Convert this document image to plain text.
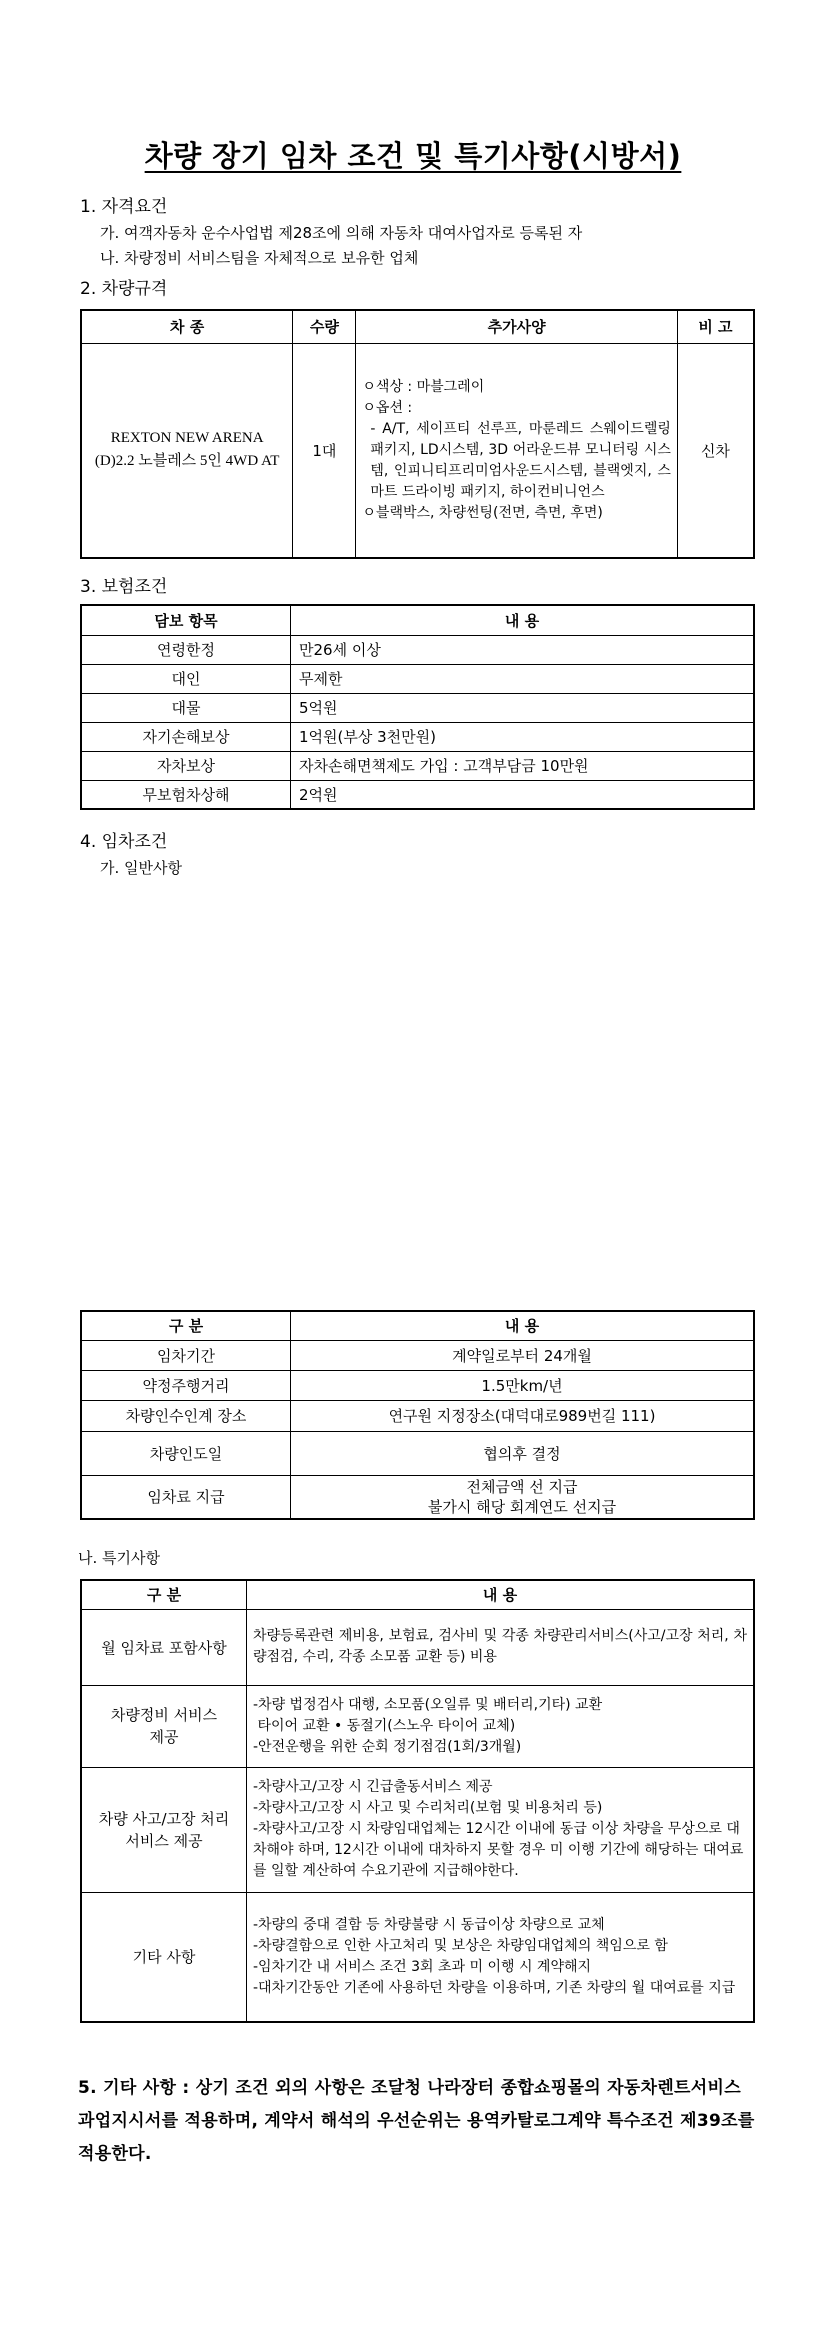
차량 장기 임차 조건 및 특기사항(시방서)
1. 자격요건
가. 여객자동차 운수사업법 제28조에 의해 자동차 대여사업자로 등록된 자
나. 차량정비 서비스팀을 자체적으로 보유한 업체
2. 차량규격
차 종	수량	추가사양	비 고
REXTON NEW ARENA (D)2.2 노블레스 5인 4WD AT	1대	ㅇ색상 : 마블그레이
ㅇ옵션 :
- A/T, 세이프티 선루프, 마룬레드 스웨이드렐링패키지, LD시스템, 3D 어라운드뷰 모니터링 시스템, 인피니티프리미엄사운드시스템, 블랙엣지, 스마트 드라이빙 패키지, 하이컨비니언스
ㅇ블랙박스, 차량썬팅(전면, 측면, 후면)	신차
3. 보험조건
담보 항목	내 용
연령한정	만26세 이상
대인	무제한
대물	5억원
자기손해보상	1억원(부상 3천만원)
자차보상	자차손해면책제도 가입 : 고객부담금 10만원
무보험차상해	2억원
4. 임차조건
가. 일반사항
구 분	내 용
임차기간	계약일로부터 24개월
약정주행거리	1.5만km/년
차량인수인계 장소	연구원 지정장소(대덕대로989번길 111)
차량인도일	협의후 결정
임차료 지급	전체금액 선 지급
불가시 해당 회계연도 선지급
나. 특기사항
구 분	내 용
월 임차료 포함사항	차량등록관련 제비용, 보험료, 검사비 및 각종 차량관리서비스(사고/고장 처리, 차량점검, 수리, 각종 소모품 교환 등) 비용

차량정비 서비스 제공	-차량 법정검사 대행, 소모품(오일류 및 배터리,기타) 교환
타이어 교환 • 동절기(스노우 타이어 교체)
-안전운행을 위한 순회 정기점검(1회/3개월)

차량 사고/고장 처리 서비스 제공	-차량사고/고장 시 긴급출동서비스 제공
-차량사고/고장 시 사고 및 수리처리(보험 및 비용처리 등)
-차량사고/고장 시 차량임대업체는 12시간 이내에 동급 이상 차량을 무상으로 대차해야 하며, 12시간 이내에 대차하지 못할 경우 미 이행 기간에 해당하는 대여료를 일할 계산하여 수요기관에 지급해야한다.

기타 사항	-차량의 중대 결함 등 차량불량 시 동급이상 차량으로 교체
-차량결함으로 인한 사고처리 및 보상은 차량임대업체의 책임으로 함
-임차기간 내 서비스 조건 3회 초과 미 이행 시 계약해지
-대차기간동안 기존에 사용하던 차량을 이용하며, 기존 차량의 월 대여료를 지급
5. 기타 사항 : 상기 조건 외의 사항은 조달청 나라장터 종합쇼핑몰의 자동차렌트서비스 과업지시서를 적용하며, 계약서 해석의 우선순위는 용역카탈로그계약 특수조건 제39조를 적용한다.
